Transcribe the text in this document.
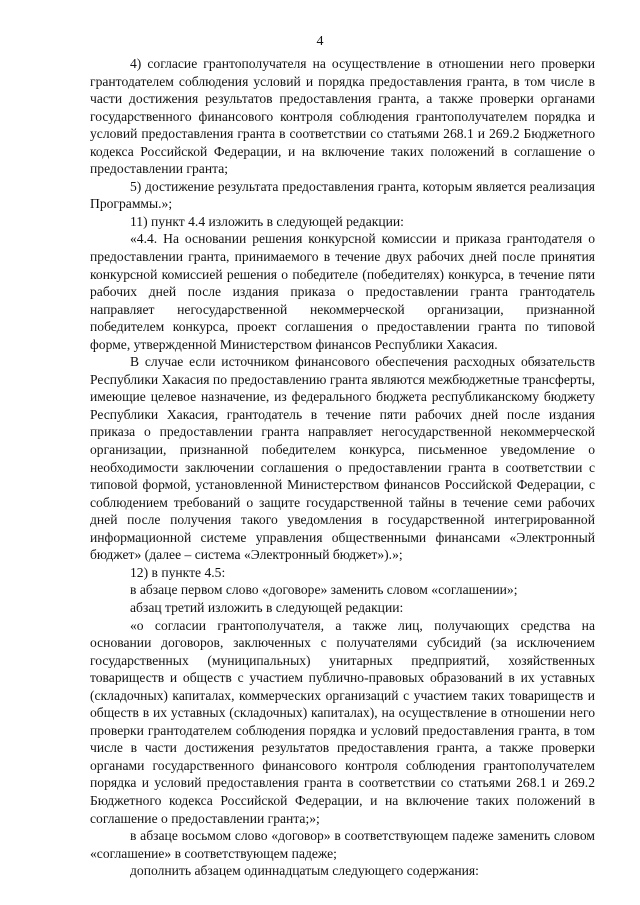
4

4) согласие грантополучателя на осуществление в отношении него проверки грантодателем соблюдения условий и порядка предоставления гранта, в том числе в части достижения результатов предоставления гранта, а также проверки органами государственного финансового контроля соблюдения грантополучателем порядка и условий предоставления гранта в соответствии со статьями 268.1 и 269.2 Бюджетного кодекса Российской Федерации, и на включение таких положений в соглашение о предоставлении гранта;

5) достижение результата предоставления гранта, которым является реализация Программы.»;

11) пункт 4.4 изложить в следующей редакции:

«4.4. На основании решения конкурсной комиссии и приказа грантодателя о предоставлении гранта, принимаемого в течение двух рабочих дней после принятия конкурсной комиссией решения о победителе (победителях) конкурса, в течение пяти рабочих дней после издания приказа о предоставлении гранта грантодатель направляет негосударственной некоммерческой организации, признанной победителем конкурса, проект соглашения о предоставлении гранта по типовой форме, утвержденной Министерством финансов Республики Хакасия.

В случае если источником финансового обеспечения расходных обязательств Республики Хакасия по предоставлению гранта являются межбюджетные трансферты, имеющие целевое назначение, из федерального бюджета республиканскому бюджету Республики Хакасия, грантодатель в течение пяти рабочих дней после издания приказа о предоставлении гранта направляет негосударственной некоммерческой организации, признанной победителем конкурса, письменное уведомление о необходимости заключении соглашения о предоставлении гранта в соответствии с типовой формой, установленной Министерством финансов Российской Федерации, с соблюдением требований о защите государственной тайны в течение семи рабочих дней после получения такого уведомления в государственной интегрированной информационной системе управления общественными финансами «Электронный бюджет» (далее – система «Электронный бюджет»).»;

12) в пункте 4.5:

в абзаце первом слово «договоре» заменить словом «соглашении»;

абзац третий изложить в следующей редакции:

«о согласии грантополучателя, а также лиц, получающих средства на основании договоров, заключенных с получателями субсидий (за исключением государственных (муниципальных) унитарных предприятий, хозяйственных товариществ и обществ с участием публично-правовых образований в их уставных (складочных) капиталах, коммерческих организаций с участием таких товариществ и обществ в их уставных (складочных) капиталах), на осуществление в отношении него проверки грантодателем соблюдения порядка и условий предоставления гранта, в том числе в части достижения результатов предоставления гранта, а также проверки органами государственного финансового контроля соблюдения грантополучателем порядка и условий предоставления гранта в соответствии со статьями 268.1 и 269.2 Бюджетного кодекса Российской Федерации, и на включение таких положений в соглашение о предоставлении гранта;»;

в абзаце восьмом слово «договор» в соответствующем падеже заменить словом «соглашение» в соответствующем падеже;

дополнить абзацем одиннадцатым следующего содержания:
